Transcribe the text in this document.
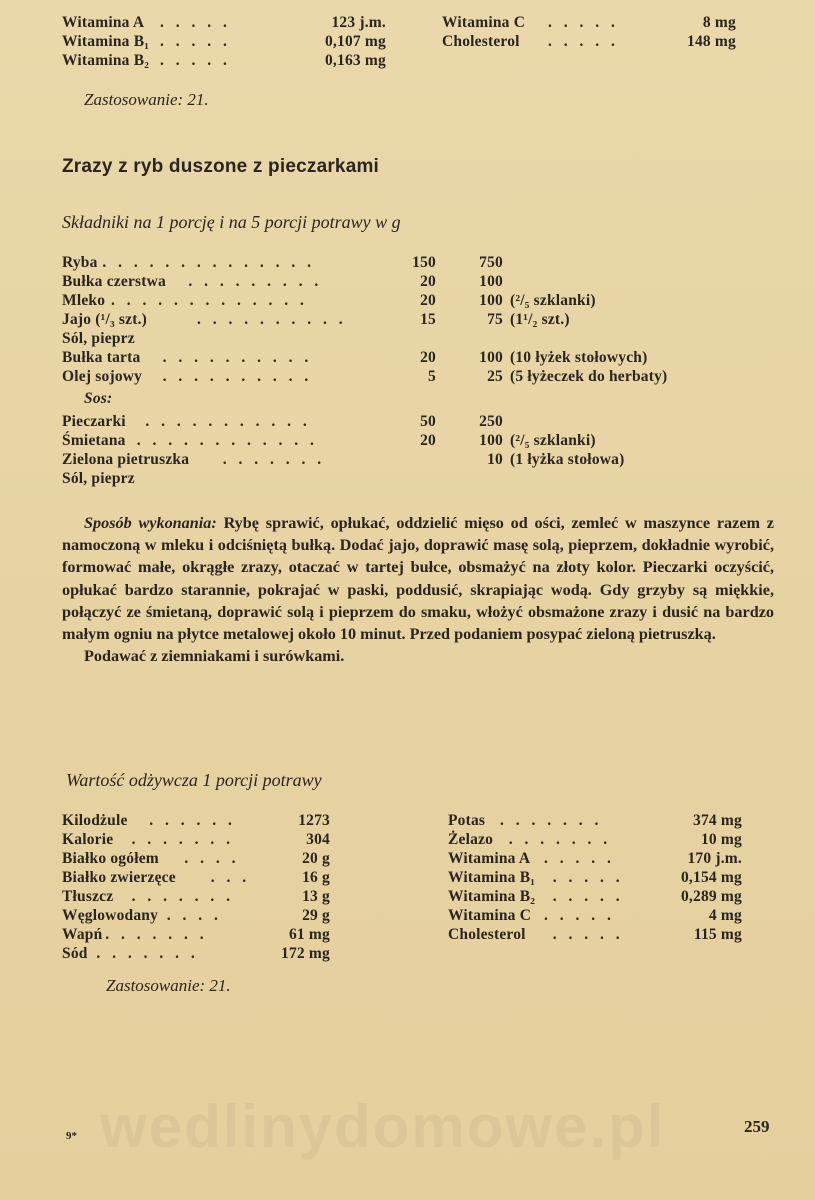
Witamina A . . . . .	123 j.m.
Witamina B₁ . . . . .	0,107 mg
Witamina B₂ . . . . .	0,163 mg
Witamina C . . . . .	8 mg
Cholesterol . . . . .	148 mg
Zastosowanie: 21.
Zrazy z ryb duszone z pieczarkami
Składniki na 1 porcję i na 5 porcji potrawy w g
Ryba . . . . . . . . . . . . . .	150	750
Bułka czerstwa . . . . . . . . .	20	100
Mleko . . . . . . . . . . . . .	20	100 (²/₅ szklanki)
Jajo (¹/₃ szt.)	. . . . . . . . . .	15	75 (1¹/₂ szt.)
Sól, pieprz
Bułka tarta . . . . . . . . . .	20	100 (10 łyżek stołowych)
Olej sojowy . . . . . . . . . .	5	25 (5 łyżeczek do herbaty)
Sos:
Pieczarki . . . . . . . . . . .	50	250
Śmietana . . . . . . . . . . . .	20	100 (²/₅ szklanki)
Zielona pietruszka . . . . . . .	10 (1 łyżka stołowa)
Sól, pieprz

Sposób wykonania: Rybę sprawić, opłukać, oddzielić mięso od ości, zemleć w maszynce razem z namoczoną w mleku i odciśniętą bułką. Dodać jajo, doprawić masę solą, pieprzem, dokładnie wyrobić, formować małe, okrągłe zrazy, otaczać w tartej bułce, obsmażyć na złoty kolor. Pieczarki oczyścić, opłukać bardzo starannie, pokrajać w paski, poddusić, skrapiając wodą. Gdy grzyby są miękkie, połączyć ze śmietaną, doprawić solą i pieprzem do smaku, włożyć obsmażone zrazy i dusić na bardzo małym ogniu na płytce metalowej około 10 minut. Przed podaniem posypać zieloną pietruszką.

Podawać z ziemniakami i surówkami.

Wartość odżywcza 1 porcji potrawy
Kilodżule . . . . . .	1273
Kalorie . . . . . . .	304
Białko ogółem . . . .	20 g
Białko zwierzęce . . .	16 g
Tłuszcz . . . . . . .	13 g
Węglowodany . . . .	29 g
Wapń . . . . . . .	61 mg
Sód . . . . . . .	172 mg
Potas . . . . . . .	374 mg
Żelazo . . . . . . .	10 mg
Witamina A . . . . .	170 j.m.
Witamina B₁ . . . . .	0,154 mg
Witamina B₂ . . . . .	0,289 mg
Witamina C . . . . .	4 mg
Cholesterol . . . . .	115 mg
Zastosowanie: 21.
wedlinydomowe.pl
9*	259
